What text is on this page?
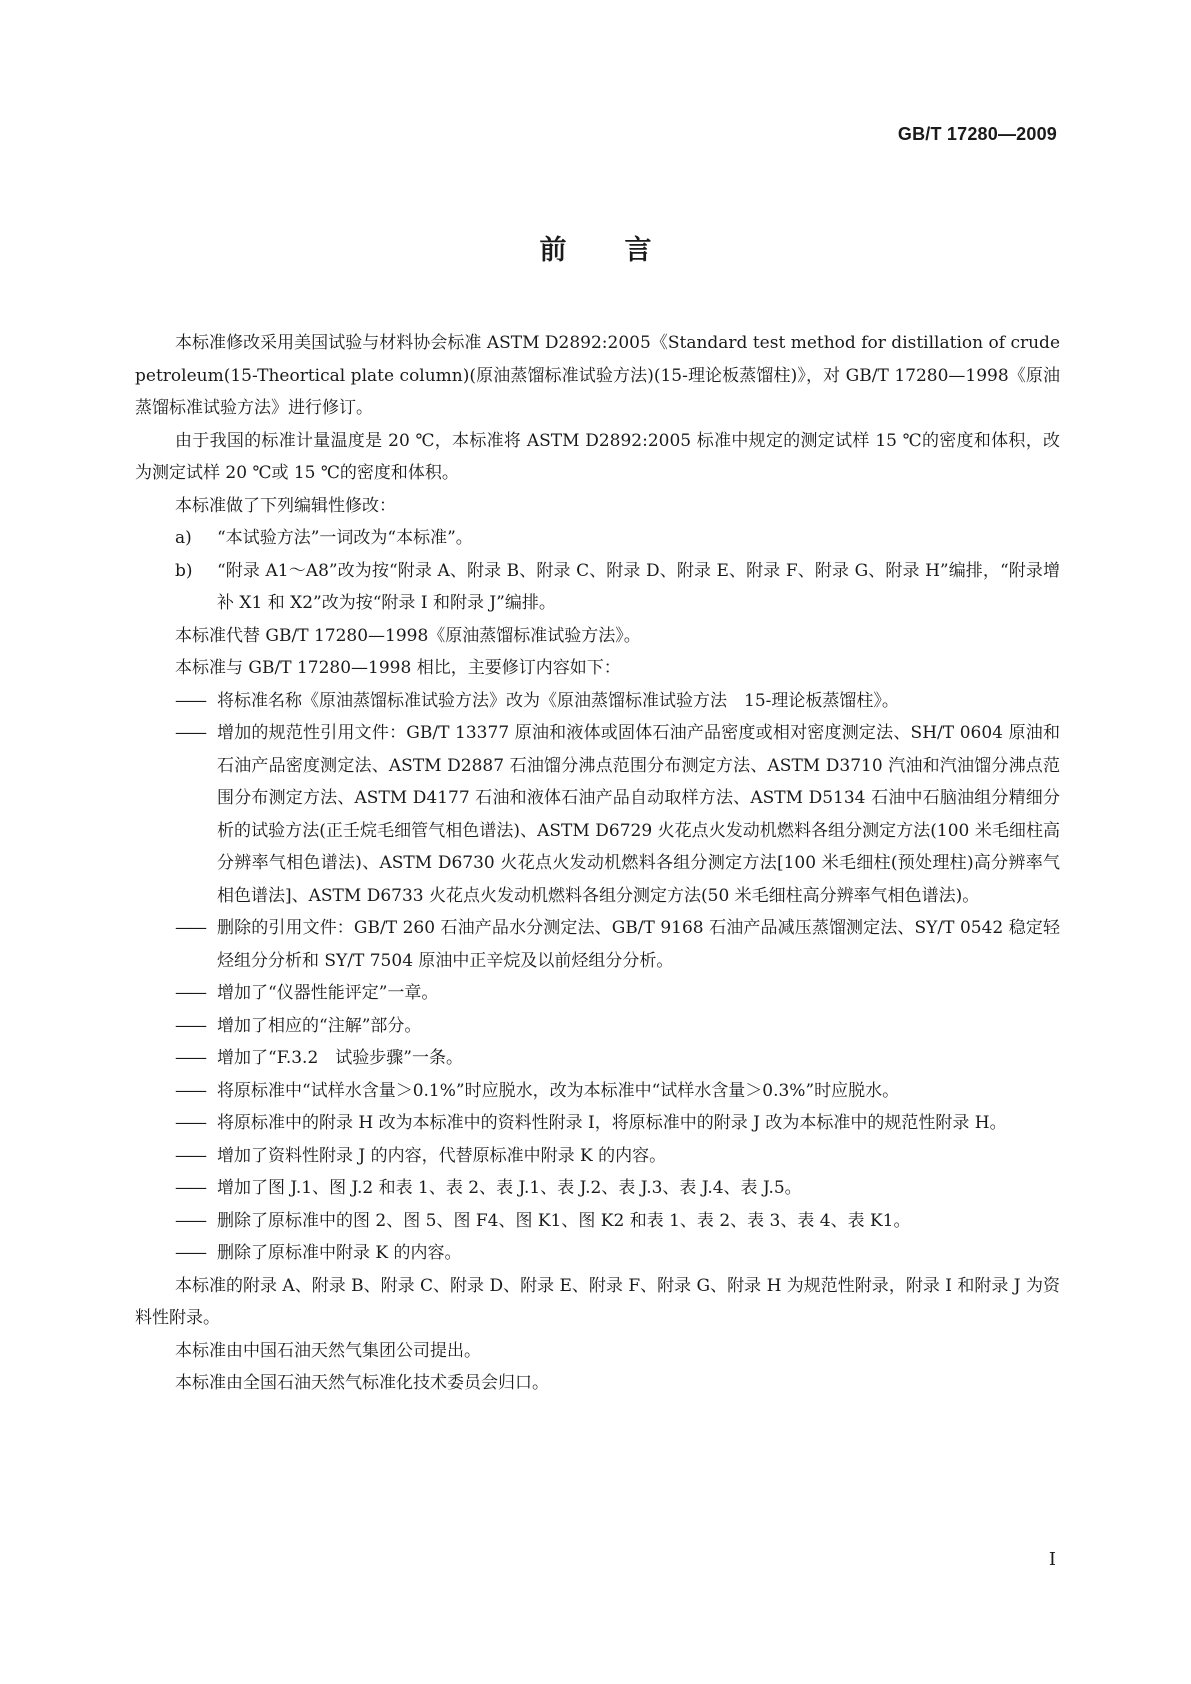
GB/T 17280—2009
前 言

本标准修改采用美国试验与材料协会标准 ASTM D2892:2005《Standard test method for distillation of crude petroleum(15-Theortical plate column)(原油蒸馏标准试验方法)(15-理论板蒸馏柱)》，对 GB/T 17280—1998《原油蒸馏标准试验方法》进行修订。

由于我国的标准计量温度是 20 ℃，本标准将 ASTM D2892:2005 标准中规定的测定试样 15 ℃的密度和体积，改为测定试样 20 ℃或 15 ℃的密度和体积。

本标准做了下列编辑性修改：

a)	“本试验方法”一词改为“本标准”。
b)	“附录 A1～A8”改为按“附录 A、附录 B、附录 C、附录 D、附录 E、附录 F、附录 G、附录 H”编排，“附录增补 X1 和 X2”改为按“附录 I 和附录 J”编排。

本标准代替 GB/T 17280—1998《原油蒸馏标准试验方法》。

本标准与 GB/T 17280—1998 相比，主要修订内容如下：

—— 将标准名称《原油蒸馏标准试验方法》改为《原油蒸馏标准试验方法　15-理论板蒸馏柱》。
—— 增加的规范性引用文件：GB/T 13377 原油和液体或固体石油产品密度或相对密度测定法、SH/T 0604 原油和石油产品密度测定法、ASTM D2887 石油馏分沸点范围分布测定方法、ASTM D3710 汽油和汽油馏分沸点范围分布测定方法、ASTM D4177 石油和液体石油产品自动取样方法、ASTM D5134 石油中石脑油组分精细分析的试验方法(正壬烷毛细管气相色谱法)、ASTM D6729 火花点火发动机燃料各组分测定方法(100 米毛细柱高分辨率气相色谱法)、ASTM D6730 火花点火发动机燃料各组分测定方法[100 米毛细柱(预处理柱)高分辨率气相色谱法]、ASTM D6733 火花点火发动机燃料各组分测定方法(50 米毛细柱高分辨率气相色谱法)。
—— 删除的引用文件：GB/T 260 石油产品水分测定法、GB/T 9168 石油产品减压蒸馏测定法、SY/T 0542 稳定轻烃组分分析和 SY/T 7504 原油中正辛烷及以前烃组分分析。
—— 增加了“仪器性能评定”一章。
—— 增加了相应的“注解”部分。
—— 增加了“F.3.2　试验步骤”一条。
—— 将原标准中“试样水含量＞0.1%”时应脱水，改为本标准中“试样水含量＞0.3%”时应脱水。
—— 将原标准中的附录 H 改为本标准中的资料性附录 I，将原标准中的附录 J 改为本标准中的规范性附录 H。
—— 增加了资料性附录 J 的内容，代替原标准中附录 K 的内容。
—— 增加了图 J.1、图 J.2 和表 1、表 2、表 J.1、表 J.2、表 J.3、表 J.4、表 J.5。
—— 删除了原标准中的图 2、图 5、图 F4、图 K1、图 K2 和表 1、表 2、表 3、表 4、表 K1。
—— 删除了原标准中附录 K 的内容。

本标准的附录 A、附录 B、附录 C、附录 D、附录 E、附录 F、附录 G、附录 H 为规范性附录，附录 I 和附录 J 为资料性附录。

本标准由中国石油天然气集团公司提出。

本标准由全国石油天然气标准化技术委员会归口。

I
